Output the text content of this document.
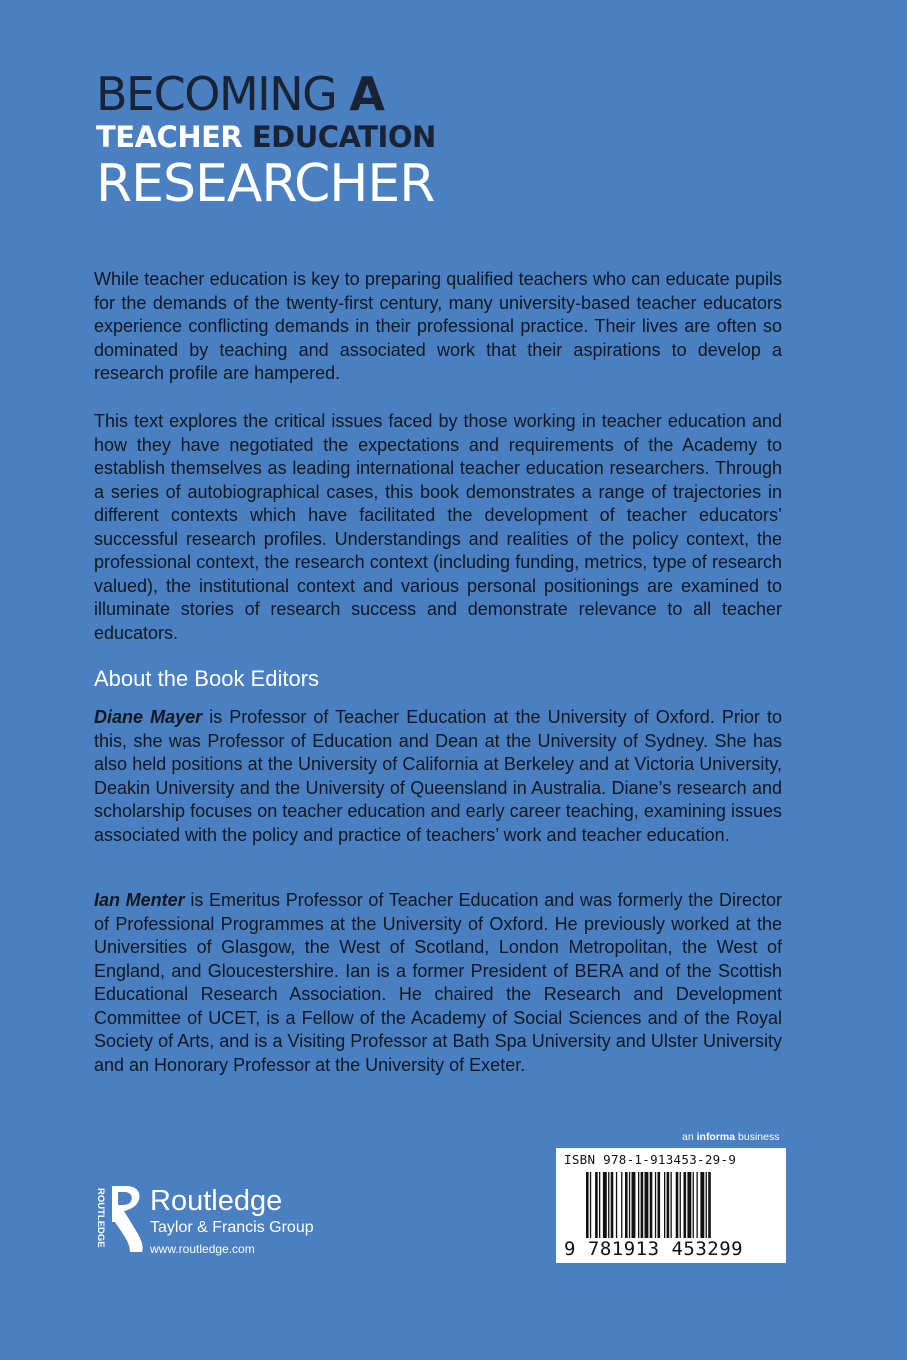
BECOMING A
TEACHER EDUCATION
RESEARCHER

While teacher education is key to preparing qualified teachers who can educate pupils for the demands of the twenty-first century, many university-based teacher educators experience conflicting demands in their professional practice. Their lives are often so dominated by teaching and associated work that their aspirations to develop a research profile are hampered.

This text explores the critical issues faced by those working in teacher education and how they have negotiated the expectations and requirements of the Academy to establish themselves as leading international teacher education researchers. Through a series of autobiographical cases, this book demonstrates a range of trajectories in different contexts which have facilitated the development of teacher educators’ successful research profiles. Understandings and realities of the policy context, the professional context, the research context (including funding, metrics, type of research valued), the institutional context and various personal positionings are examined to illuminate stories of research success and demonstrate relevance to all teacher educators.

About the Book Editors

Diane Mayer is Professor of Teacher Education at the University of Oxford. Prior to this, she was Professor of Education and Dean at the University of Sydney. She has also held positions at the University of California at Berkeley and at Victoria University, Deakin University and the University of Queensland in Australia. Diane’s research and scholarship focuses on teacher education and early career teaching, examining issues associated with the policy and practice of teachers’ work and teacher education.

Ian Menter is Emeritus Professor of Teacher Education and was formerly the Director of Professional Programmes at the University of Oxford. He previously worked at the Universities of Glasgow, the West of Scotland, London Metropolitan, the West of England, and Gloucestershire. Ian is a former President of BERA and of the Scottish Educational Research Association. He chaired the Research and Development Committee of UCET, is a Fellow of the Academy of Social Sciences and of the Royal Society of Arts, and is a Visiting Professor at Bath Spa University and Ulster University and an Honorary Professor at the University of Exeter.

ROUTLEDGE Routledge
Taylor & Francis Group
www.routledge.com
an informa business
ISBN 978-1-913453-29-9
9 781913 453299
